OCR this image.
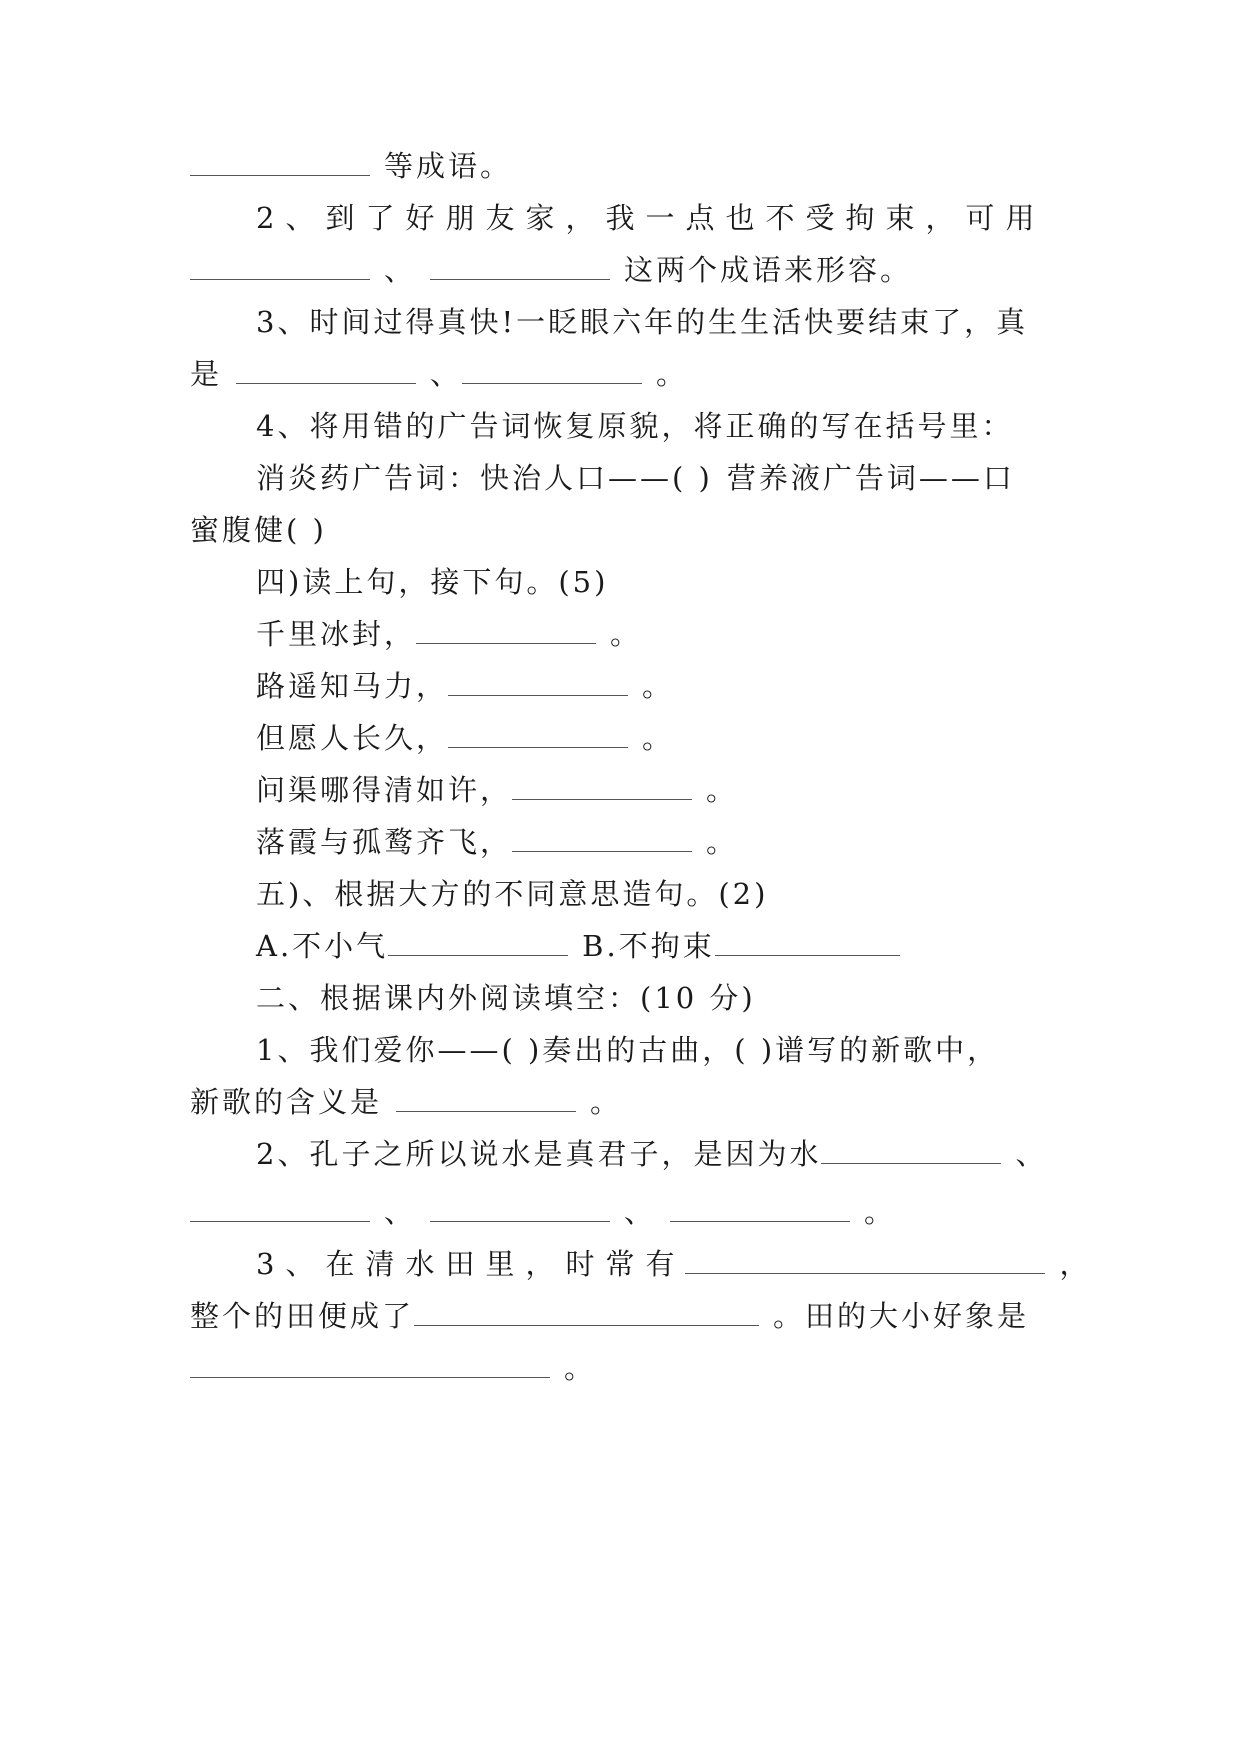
等成语。
2、到了好朋友家，我一点也不受拘束，可用
、	这两个成语来形容。
3、时间过得真快!一眨眼六年的生生活快要结束了，真
是	、	。
4、将用错的广告词恢复原貌，将正确的写在括号里：
消炎药广告词：快治人口——( ) 营养液广告词——口
蜜腹健( )
四)读上句，接下句。(5)
千里冰封，	。
路遥知马力，	。
但愿人长久，	。
问渠哪得清如许，	。
落霞与孤鹜齐飞，	。
五)、根据大方的不同意思造句。(2)
A.不小气	B.不拘束
二、根据课内外阅读填空：(10 分)
1、我们爱你——( )奏出的古曲，( )谱写的新歌中，
新歌的含义是	。
2、孔子之所以说水是真君子，是因为水	、
、	、	。
3、在清水田里，时常有	，
整个的田便成了	。田的大小好象是
。
